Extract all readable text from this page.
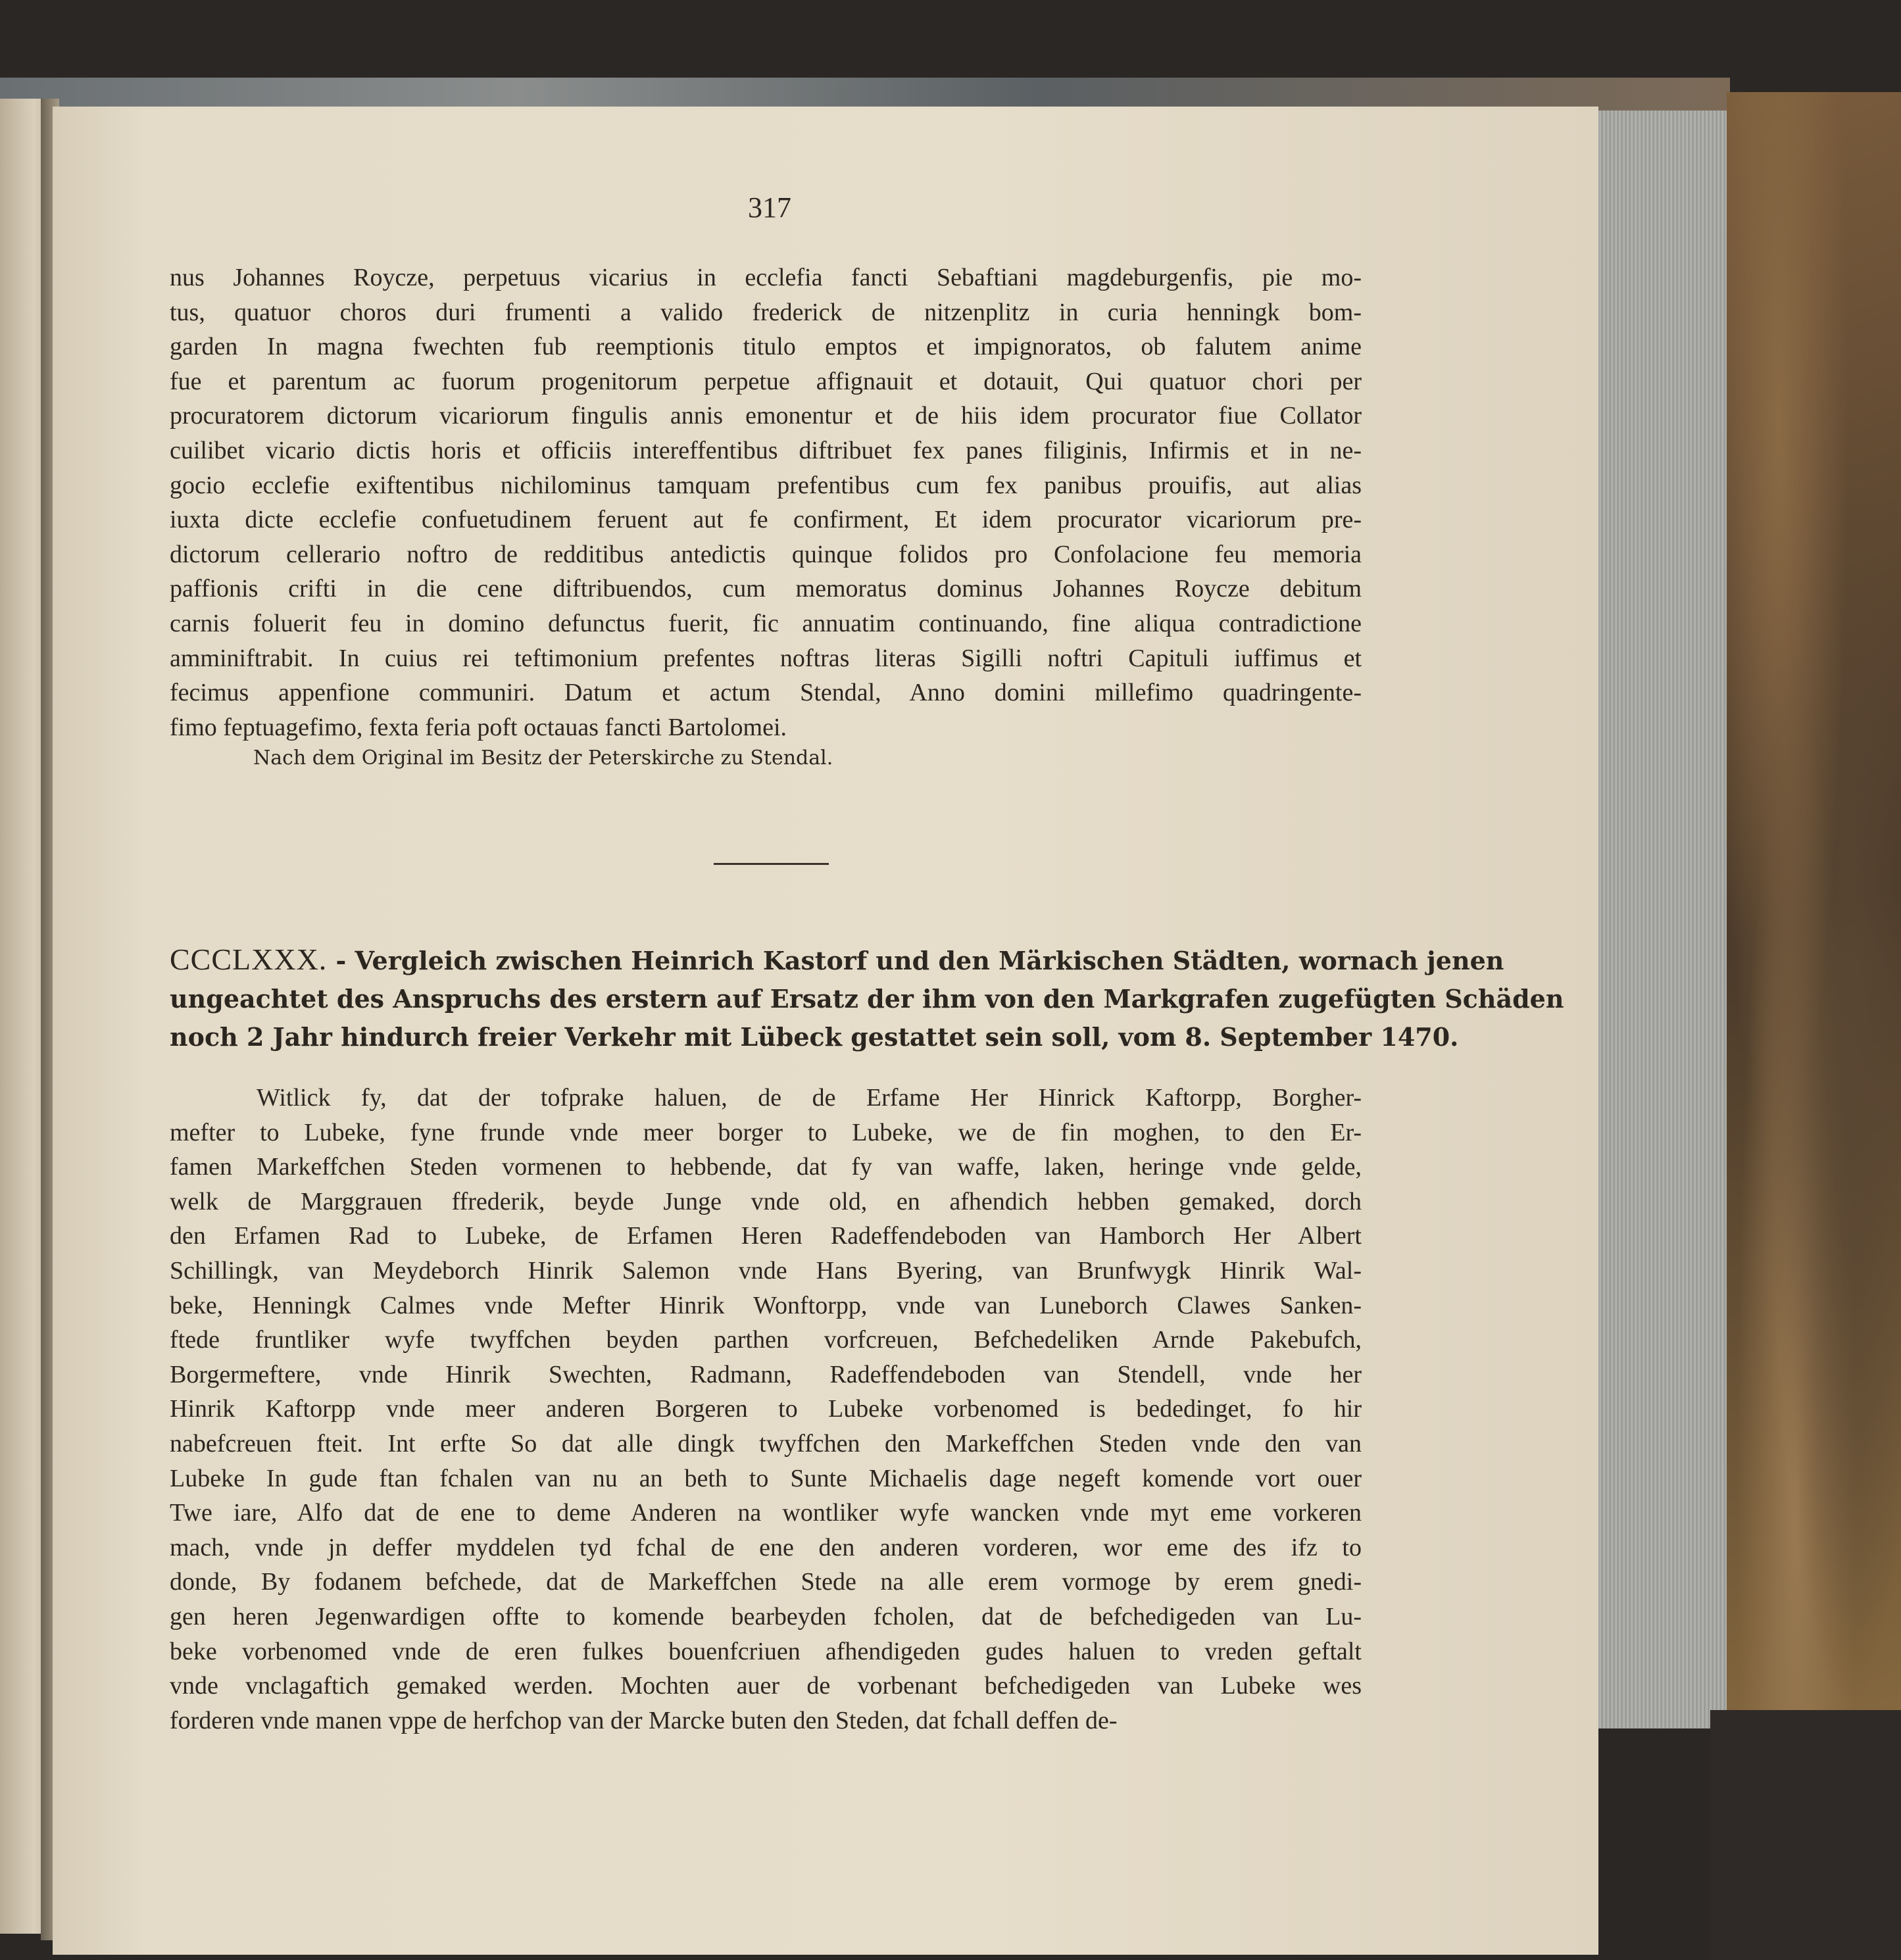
317

nus Johannes Roycze, perpetuus vicarius in ecclefia fancti Sebaftiani magdeburgenfis, pie mo-

tus, quatuor choros duri frumenti a valido frederick de nitzenplitz in curia henningk bom-

garden In magna fwechten fub reemptionis titulo emptos et impignoratos, ob falutem anime

fue et parentum ac fuorum progenitorum perpetue affignauit et dotauit, Qui quatuor chori per

procuratorem dictorum vicariorum fingulis annis emonentur et de hiis idem procurator fiue Collator

cuilibet vicario dictis horis et officiis intereffentibus diftribuet fex panes filiginis, Infirmis et in ne-

gocio ecclefie exiftentibus nichilominus tamquam prefentibus cum fex panibus prouifis, aut alias

iuxta dicte ecclefie confuetudinem feruent aut fe confirment, Et idem procurator vicariorum pre-

dictorum cellerario noftro de redditibus antedictis quinque folidos pro Confolacione feu memoria

paffionis crifti in die cene diftribuendos, cum memoratus dominus Johannes Roycze debitum

carnis foluerit feu in domino defunctus fuerit, fic annuatim continuando, fine aliqua contradictione

amminiftrabit. In cuius rei teftimonium prefentes noftras literas Sigilli noftri Capituli iuffimus et

fecimus appenfione communiri. Datum et actum Stendal, Anno domini millefimo quadringente-

fimo feptuagefimo, fexta feria poft octauas fancti Bartolomei.

Nach dem Original im Besitz der Peterskirche zu Stendal.
CCCLXXX. - Vergleich zwischen Heinrich Kastorf und den Märkischen Städten, wornach jenen
ungeachtet des Anspruchs des erstern auf Ersatz der ihm von den Markgrafen zugefügten Schäden
noch 2 Jahr hindurch freier Verkehr mit Lübeck gestattet sein soll, vom 8. September 1470.

Witlick fy, dat der tofprake haluen, de de Erfame Her Hinrick Kaftorpp, Borgher-

mefter to Lubeke, fyne frunde vnde meer borger to Lubeke, we de fin moghen, to den Er-

famen Markeffchen Steden vormenen to hebbende, dat fy van waffe, laken, heringe vnde gelde,

welk de Marggrauen ffrederik, beyde Junge vnde old, en afhendich hebben gemaked, dorch

den Erfamen Rad to Lubeke, de Erfamen Heren Radeffendeboden van Hamborch Her Albert

Schillingk, van Meydeborch Hinrik Salemon vnde Hans Byering, van Brunfwygk Hinrik Wal-

beke, Henningk Calmes vnde Mefter Hinrik Wonftorpp, vnde van Luneborch Clawes Sanken-

ftede fruntliker wyfe twyffchen beyden parthen vorfcreuen, Befchedeliken Arnde Pakebufch,

Borgermeftere, vnde Hinrik Swechten, Radmann, Radeffendeboden van Stendell, vnde her

Hinrik Kaftorpp vnde meer anderen Borgeren to Lubeke vorbenomed is bededinget, fo hir

nabefcreuen fteit. Int erfte So dat alle dingk twyffchen den Markeffchen Steden vnde den van

Lubeke In gude ftan fchalen van nu an beth to Sunte Michaelis dage negeft komende vort ouer

Twe iare, Alfo dat de ene to deme Anderen na wontliker wyfe wancken vnde myt eme vorkeren

mach, vnde jn deffer myddelen tyd fchal de ene den anderen vorderen, wor eme des ifz to

donde, By fodanem befchede, dat de Markeffchen Stede na alle erem vormoge by erem gnedi-

gen heren Jegenwardigen offte to komende bearbeyden fcholen, dat de befchedigeden van Lu-

beke vorbenomed vnde de eren fulkes bouenfcriuen afhendigeden gudes haluen to vreden geftalt

vnde vnclagaftich gemaked werden. Mochten auer de vorbenant befchedigeden van Lubeke wes

forderen vnde manen vppe de herfchop van der Marcke buten den Steden, dat fchall deffen de-
